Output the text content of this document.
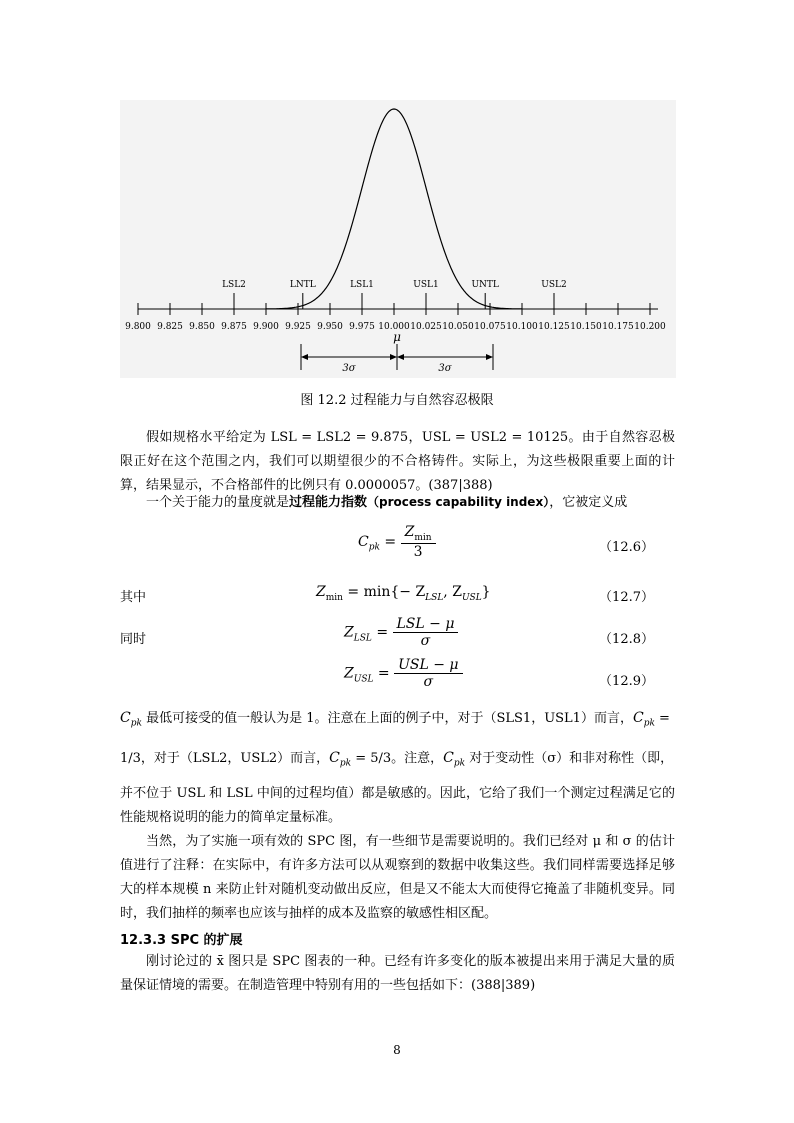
9.800 9.825 9.850 9.875 9.900 9.925 9.950 9.975 10.000 10.025 10.050 10.075 10.100 10.125 10.150 10.175 10.200
LSL2	LNTL	LSL1	USL1	UNTL	USL2
μ
3σ	3σ
图 12.2 过程能力与自然容忍极限
假如规格水平给定为 LSL = LSL2 = 9.875，USL = USL2 = 10125。由于自然容忍极限正好在这个范围之内，我们可以期望很少的不合格铸件。实际上，为这些极限重要上面的计算，结果显示，不合格部件的比例只有 0.0000057。(387|388)
一个关于能力的量度就是过程能力指数（process capability index），它被定义成
$C_{pk} = \frac{Z_{min}}{3}$	（12.6）
其中	$Z_{min} = \min\{- Z_{LSL}$, $Z_{USL}$}	（12.7）
同时	$Z_{LSL} = \frac{\text{LSL − μ}}{\sigma}$	（12.8）
$Z_{USL} = \frac{\text{USL − μ}}{\sigma}$	（12.9）
$C_{pk}$ 最低可接受的值一般认为是 1。注意在上面的例子中，对于（SLS1，USL1）而言，$C_{pk}$ =
1/3，对于（LSL2，USL2）而言，$C_{pk} = 5/3$。注意，$C_{pk}$ 对于变动性（σ）和非对称性（即，
并不位于 USL 和 LSL 中间的过程均值）都是敏感的。因此，它给了我们一个测定过程满足它的性能规格说明的能力的简单定量标准。
当然，为了实施一项有效的 SPC 图，有一些细节是需要说明的。我们已经对 μ 和 σ 的估计值进行了注释：在实际中，有许多方法可以从观察到的数据中收集这些。我们同样需要选择足够大的样本规模 n 来防止针对随机变动做出反应，但是又不能太大而使得它掩盖了非随机变异。同时，我们抽样的频率也应该与抽样的成本及监察的敏感性相区配。
12.3.3 SPC 的扩展
刚讨论过的 x̄ 图只是 SPC 图表的一种。已经有许多变化的版本被提出来用于满足大量的质量保证情境的需要。在制造管理中特别有用的一些包括如下：(388|389)
8
